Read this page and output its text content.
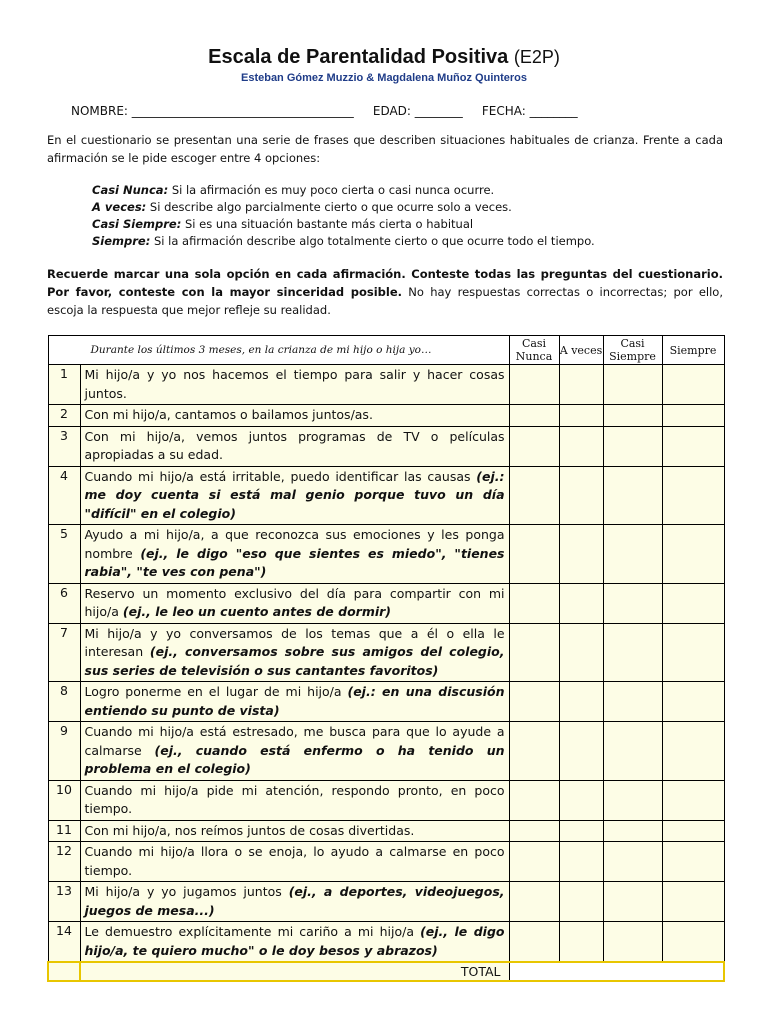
Escala de Parentalidad Positiva (E2P)
Esteban Gómez Muzzio & Magdalena Muñoz Quinteros
NOMBRE: _____________________________________     EDAD: ________     FECHA: ________
En el cuestionario se presentan una serie de frases que describen situaciones habituales de crianza. Frente a cada afirmación se le pide escoger entre 4 opciones:
Casi Nunca: Si la afirmación es muy poco cierta o casi nunca ocurre.
A veces: Si describe algo parcialmente cierto o que ocurre solo a veces.
Casi Siempre: Si es una situación bastante más cierta o habitual
Siempre: Si la afirmación describe algo totalmente cierto o que ocurre todo el tiempo.
Recuerde marcar una sola opción en cada afirmación. Conteste todas las preguntas del cuestionario. Por favor, conteste con la mayor sinceridad posible. No hay respuestas correctas o incorrectas; por ello, escoja la respuesta que mejor refleje su realidad.
Durante los últimos 3 meses, en la crianza de mi hijo o hija yo…		Casi Nunca	A veces	Casi Siempre	Siempre
1	Mi hijo/a y yo nos hacemos el tiempo para salir y hacer cosas juntos.				
2	Con mi hijo/a, cantamos o bailamos juntos/as.				
3	Con mi hijo/a, vemos juntos programas de TV o películas apropiadas a su edad.				
4	Cuando mi hijo/a está irritable, puedo identificar las causas (ej.: me doy cuenta si está mal genio porque tuvo un día "difícil" en el colegio)				
5	Ayudo a mi hijo/a, a que reconozca sus emociones y les ponga nombre (ej., le digo "eso que sientes es miedo", "tienes rabia", "te ves con pena")				
6	Reservo un momento exclusivo del día para compartir con mi hijo/a (ej., le leo un cuento antes de dormir)				
7	Mi hijo/a y yo conversamos de los temas que a él o ella le interesan (ej., conversamos sobre sus amigos del colegio, sus series de televisión o sus cantantes favoritos)				
8	Logro ponerme en el lugar de mi hijo/a (ej.: en una discusión entiendo su punto de vista)				
9	Cuando mi hijo/a está estresado, me busca para que lo ayude a calmarse (ej., cuando está enfermo o ha tenido un problema en el colegio)				
10	Cuando mi hijo/a pide mi atención, respondo pronto, en poco tiempo.				
11	Con mi hijo/a, nos reímos juntos de cosas divertidas.				
12	Cuando mi hijo/a llora o se enoja, lo ayudo a calmarse en poco tiempo.				
13	Mi hijo/a y yo jugamos juntos (ej., a deportes, videojuegos, juegos de mesa...)				
14	Le demuestro explícitamente mi cariño a mi hijo/a (ej., le digo hijo/a, te quiero mucho" o le doy besos y abrazos)				
	TOTAL				
